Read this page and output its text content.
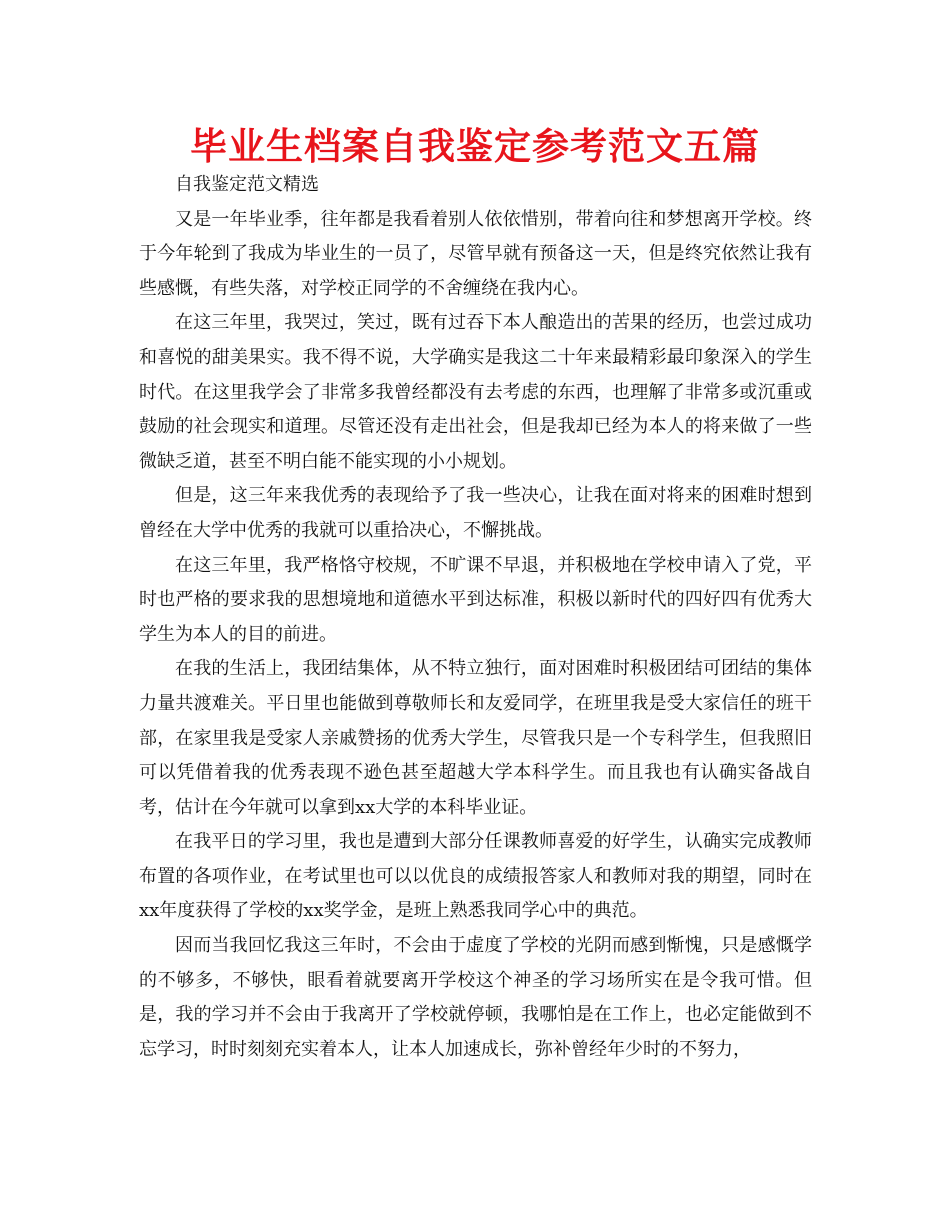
毕业生档案自我鉴定参考范文五篇

自我鉴定范文精选

又是一年毕业季，往年都是我看着别人依依惜别，带着向往和梦想离开学校。终于今年轮到了我成为毕业生的一员了，尽管早就有预备这一天，但是终究依然让我有些感慨，有些失落，对学校正同学的不舍缠绕在我内心。

在这三年里，我哭过，笑过，既有过吞下本人酿造出的苦果的经历，也尝过成功和喜悦的甜美果实。我不得不说，大学确实是我这二十年来最精彩最印象深入的学生时代。在这里我学会了非常多我曾经都没有去考虑的东西，也理解了非常多或沉重或鼓励的社会现实和道理。尽管还没有走出社会，但是我却已经为本人的将来做了一些微缺乏道，甚至不明白能不能实现的小小规划。

但是，这三年来我优秀的表现给予了我一些决心，让我在面对将来的困难时想到曾经在大学中优秀的我就可以重拾决心，不懈挑战。

在这三年里，我严格恪守校规，不旷课不早退，并积极地在学校申请入了党，平时也严格的要求我的思想境地和道德水平到达标准，积极以新时代的四好四有优秀大学生为本人的目的前进。

在我的生活上，我团结集体，从不特立独行，面对困难时积极团结可团结的集体力量共渡难关。平日里也能做到尊敬师长和友爱同学，在班里我是受大家信任的班干部，在家里我是受家人亲戚赞扬的优秀大学生，尽管我只是一个专科学生，但我照旧可以凭借着我的优秀表现不逊色甚至超越大学本科学生。而且我也有认确实备战自考，估计在今年就可以拿到xx大学的本科毕业证。

在我平日的学习里，我也是遭到大部分任课教师喜爱的好学生，认确实完成教师布置的各项作业，在考试里也可以以优良的成绩报答家人和教师对我的期望，同时在xx年度获得了学校的xx奖学金，是班上熟悉我同学心中的典范。

因而当我回忆我这三年时，不会由于虚度了学校的光阴而感到惭愧，只是感慨学的不够多，不够快，眼看着就要离开学校这个神圣的学习场所实在是令我可惜。但是，我的学习并不会由于我离开了学校就停顿，我哪怕是在工作上，也必定能做到不忘学习，时时刻刻充实着本人，让本人加速成长，弥补曾经年少时的不努力，
